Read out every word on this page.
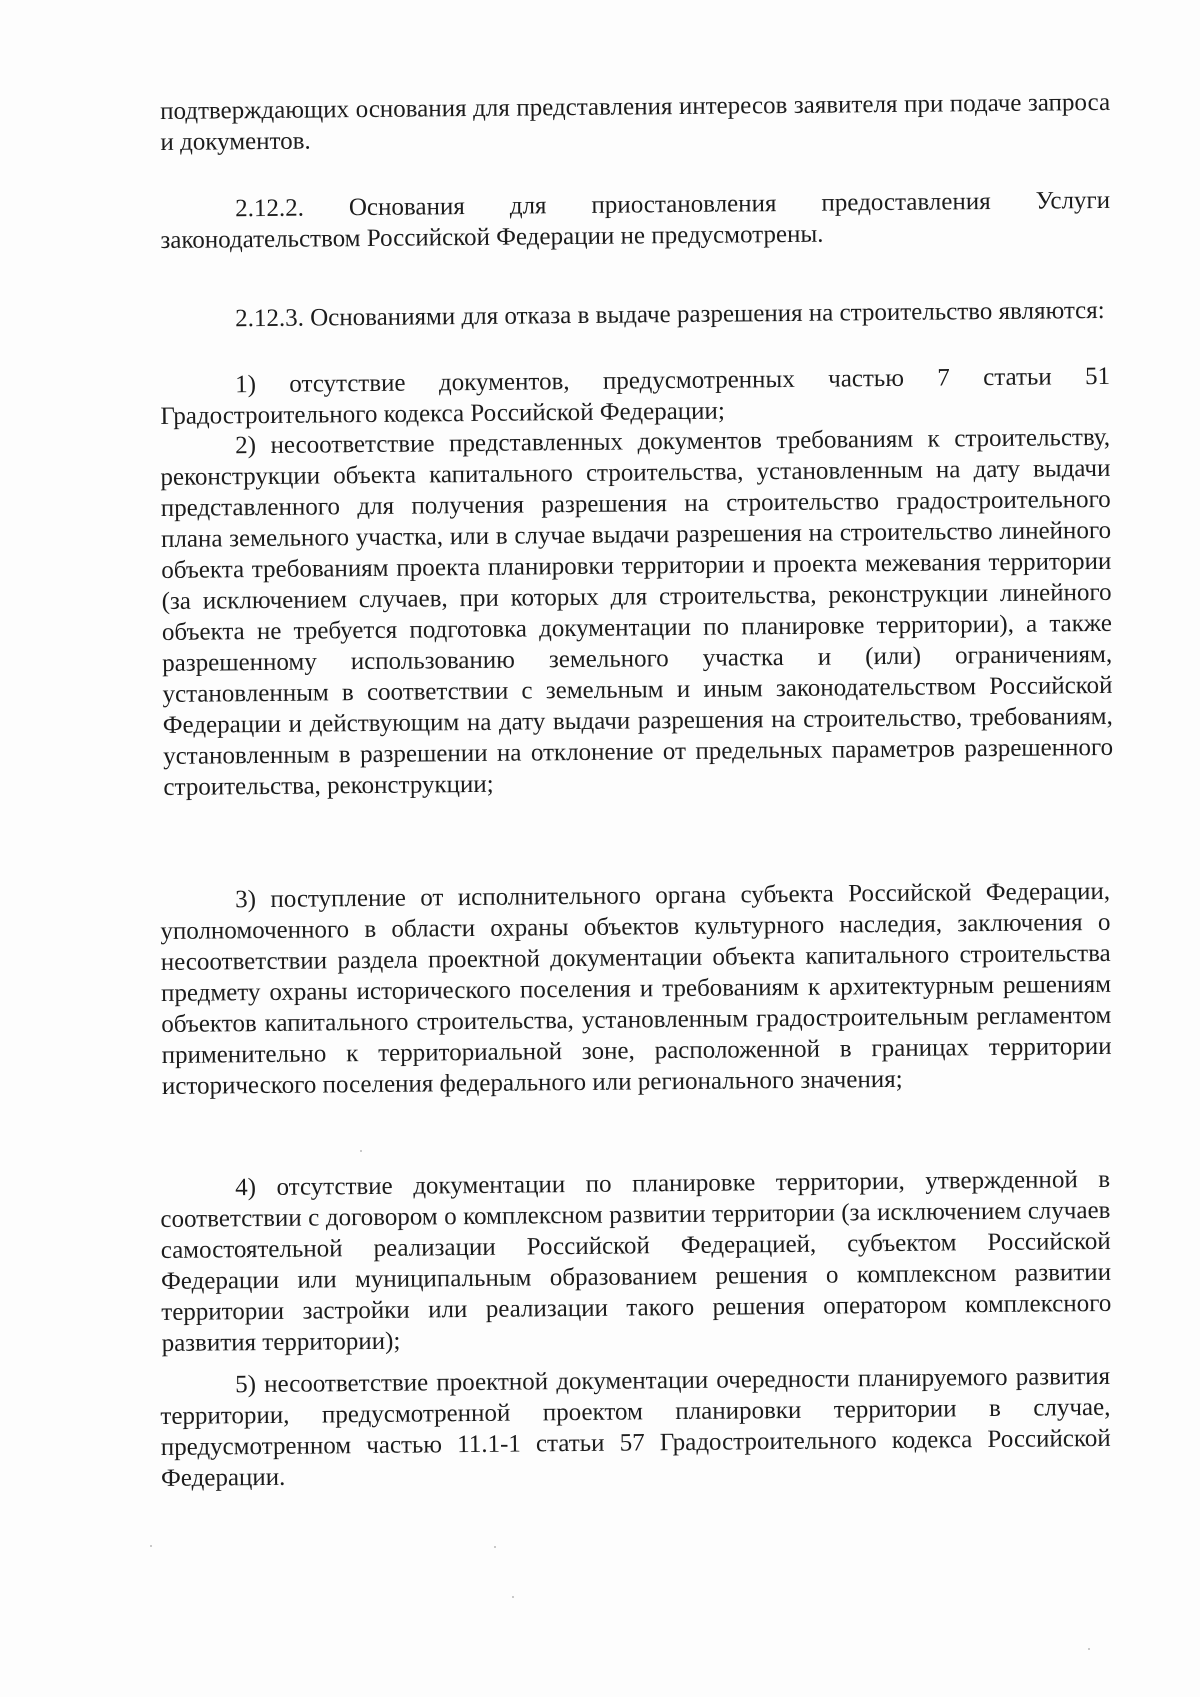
подтверждающих основания для представления интересов заявителя при подаче запроса и документов.

2.12.2. Основания для приостановления предоставления Услуги законодательством Российской Федерации не предусмотрены.

2.12.3. Основаниями для отказа в выдаче разрешения на строительство являются:

1) отсутствие документов, предусмотренных частью 7 статьи 51 Градостроительного кодекса Российской Федерации;

2) несоответствие представленных документов требованиям к строительству, реконструкции объекта капитального строительства, установленным на дату выдачи представленного для получения разрешения на строительство градостроительного плана земельного участка, или в случае выдачи разрешения на строительство линейного объекта требованиям проекта планировки территории и проекта межевания территории (за исключением случаев, при которых для строительства, реконструкции линейного объекта не требуется подготовка документации по планировке территории), а также разрешенному использованию земельного участка и (или) ограничениям, установленным в соответствии с земельным и иным законодательством Российской Федерации и действующим на дату выдачи разрешения на строительство, требованиям, установленным в разрешении на отклонение от предельных параметров разрешенного строительства, реконструкции;

3) поступление от исполнительного органа субъекта Российской Федерации, уполномоченного в области охраны объектов культурного наследия, заключения о несоответствии раздела проектной документации объекта капитального строительства предмету охраны исторического поселения и требованиям к архитектурным решениям объектов капитального строительства, установленным градостроительным регламентом применительно к территориальной зоне, расположенной в границах территории исторического поселения федерального или регионального значения;

4) отсутствие документации по планировке территории, утвержденной в соответствии с договором о комплексном развитии территории (за исключением случаев самостоятельной реализации Российской Федерацией, субъектом Российской Федерации или муниципальным образованием решения о комплексном развитии территории застройки или реализации такого решения оператором комплексного развития территории);

5) несоответствие проектной документации очередности планируемого развития территории, предусмотренной проектом планировки территории в случае, предусмотренном частью 11.1-1 статьи 57 Градостроительного кодекса Российской Федерации.
